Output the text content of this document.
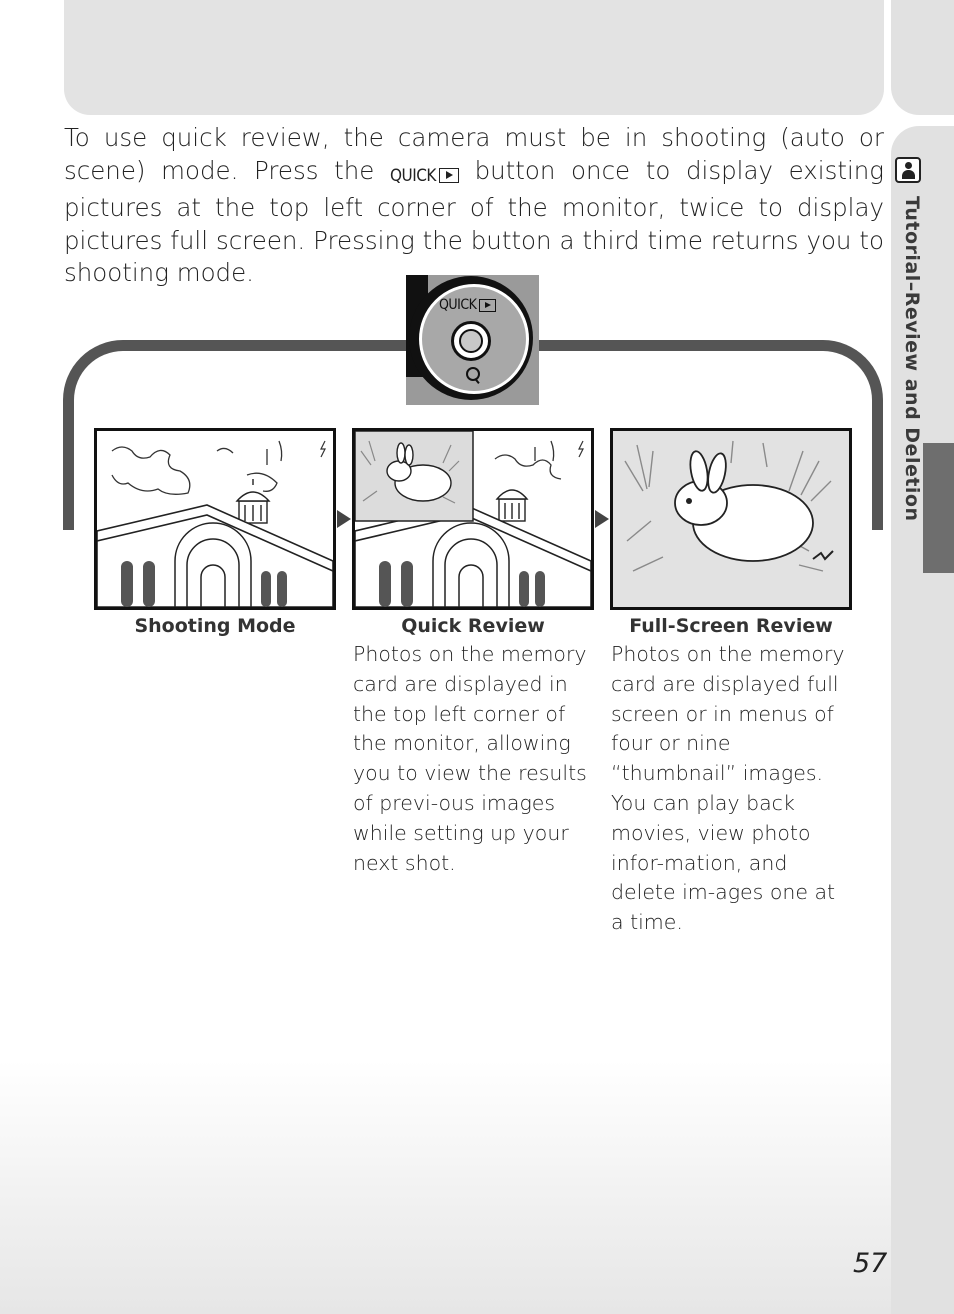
Tutorial–Review and Deletion

To use quick review, the camera must be in shooting (auto or scene) mode. Press the QUICK button once to display existing pictures at the top left corner of the monitor, twice to display pictures full screen. Pressing the button a third time returns you to shooting mode.

QUICK

Shooting Mode	Quick Review	Full-Screen Review

Photos on the memory card are displayed in the top left corner of the monitor, allowing you to view the results of previ-ous images while setting up your next shot.

Photos on the memory card are displayed full screen or in menus of four or nine “thumbnail” images. You can play back movies, view photo infor-mation, and delete im-ages one at a time.

57
